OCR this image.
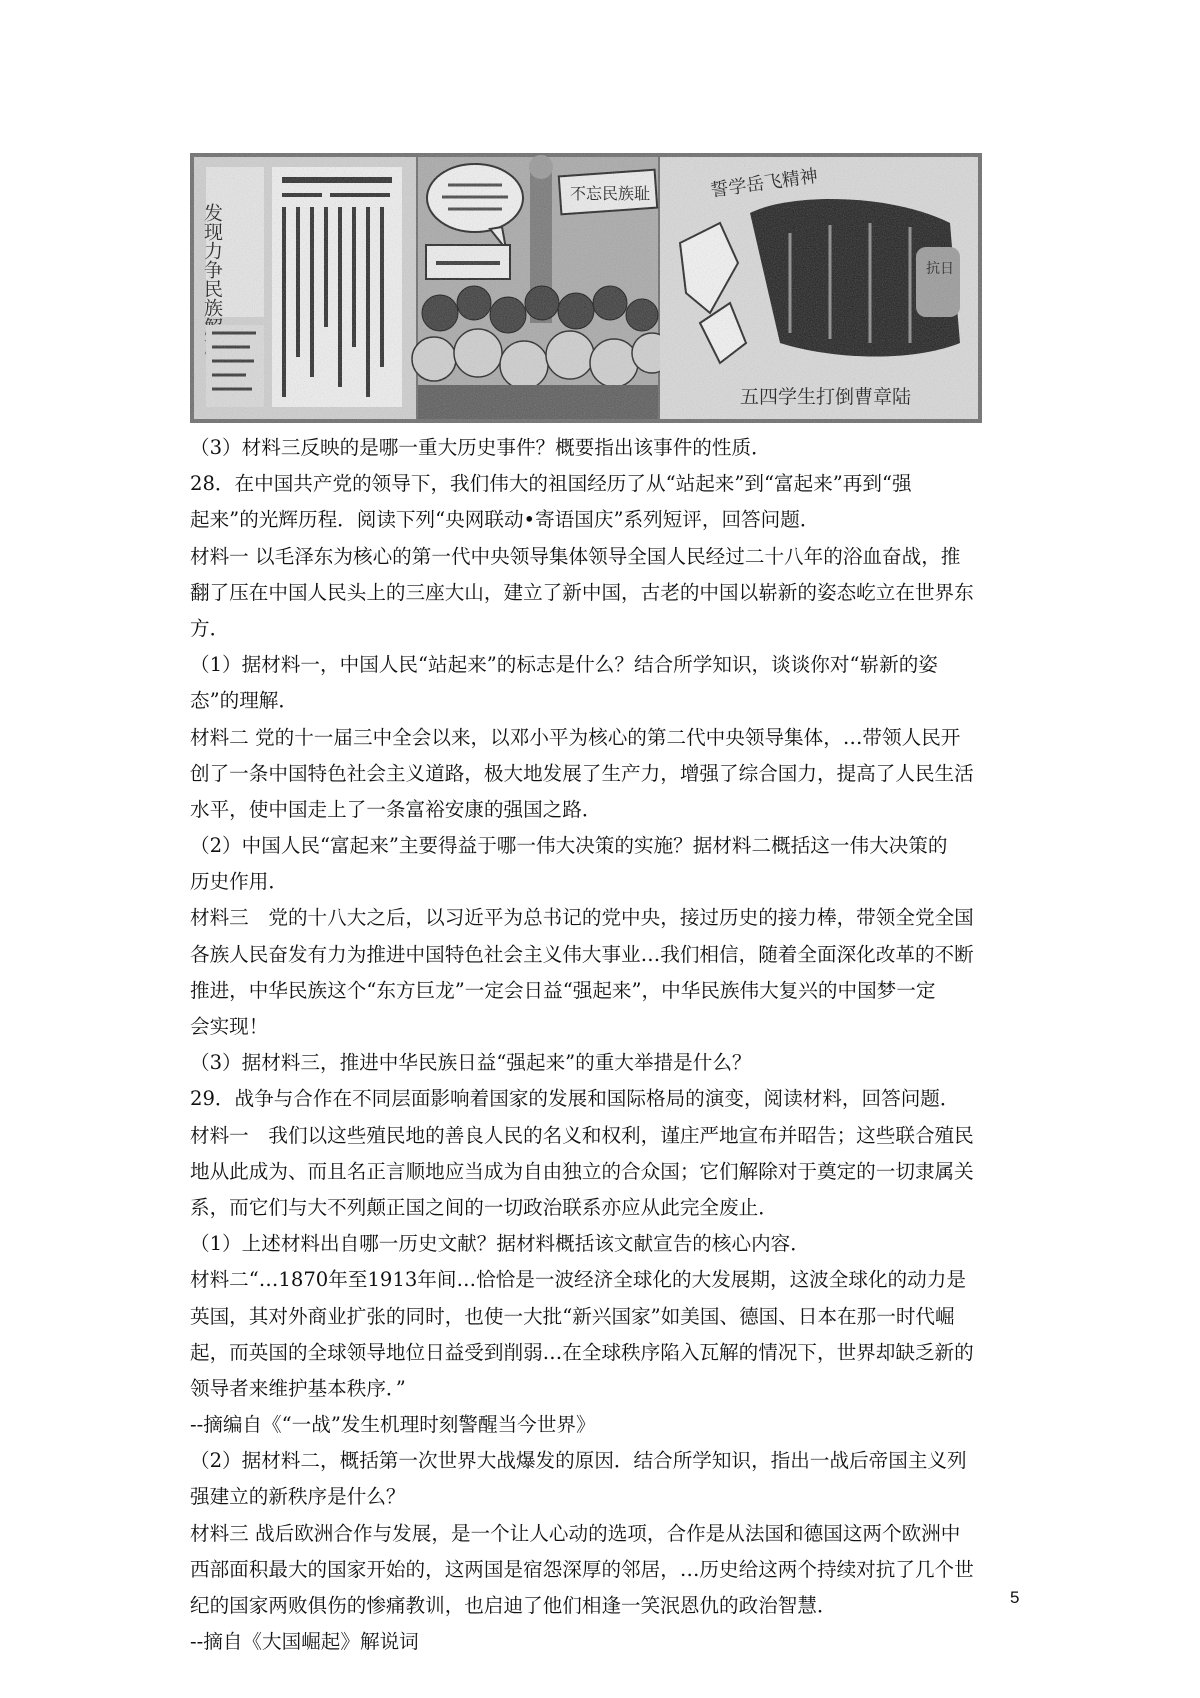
（3）材料三反映的是哪一重大历史事件？概要指出该事件的性质．
28．在中国共产党的领导下，我们伟大的祖国经历了从“站起来”到“富起来”再到“强
起来”的光辉历程．阅读下列“央网联动•寄语国庆”系列短评，回答问题．
材料一 以毛泽东为核心的第一代中央领导集体领导全国人民经过二十八年的浴血奋战，推
翻了压在中国人民头上的三座大山，建立了新中国，古老的中国以崭新的姿态屹立在世界东
方．
（1）据材料一，中国人民“站起来”的标志是什么？结合所学知识，谈谈你对“崭新的姿
态”的理解．
材料二 党的十一届三中全会以来，以邓小平为核心的第二代中央领导集体，…带领人民开
创了一条中国特色社会主义道路，极大地发展了生产力，增强了综合国力，提高了人民生活
水平，使中国走上了一条富裕安康的强国之路．
（2）中国人民“富起来”主要得益于哪一伟大决策的实施？据材料二概括这一伟大决策的
历史作用．
材料三　党的十八大之后，以习近平为总书记的党中央，接过历史的接力棒，带领全党全国
各族人民奋发有力为推进中国特色社会主义伟大事业…我们相信，随着全面深化改革的不断
推进，中华民族这个“东方巨龙”一定会日益“强起来”，中华民族伟大复兴的中国梦一定
会实现！
（3）据材料三，推进中华民族日益“强起来”的重大举措是什么？
29．战争与合作在不同层面影响着国家的发展和国际格局的演变，阅读材料，回答问题．
材料一　我们以这些殖民地的善良人民的名义和权利，谨庄严地宣布并昭告；这些联合殖民
地从此成为、而且名正言顺地应当成为自由独立的合众国；它们解除对于奠定的一切隶属关
系，而它们与大不列颠正国之间的一切政治联系亦应从此完全废止．
（1）上述材料出自哪一历史文献？据材料概括该文献宣告的核心内容．
材料二“…1870年至1913年间…恰恰是一波经济全球化的大发展期，这波全球化的动力是
英国，其对外商业扩张的同时，也使一大批“新兴国家”如美国、德国、日本在那一时代崛
起，而英国的全球领导地位日益受到削弱…在全球秩序陷入瓦解的情况下，世界却缺乏新的
领导者来维护基本秩序．”
--摘编自《“一战”发生机理时刻警醒当今世界》
（2）据材料二，概括第一次世界大战爆发的原因．结合所学知识，指出一战后帝国主义列
强建立的新秩序是什么？
材料三 战后欧洲合作与发展，是一个让人心动的选项，合作是从法国和德国这两个欧洲中
西部面积最大的国家开始的，这两国是宿怨深厚的邻居，…历史给这两个持续对抗了几个世
纪的国家两败俱伤的惨痛教训，也启迪了他们相逢一笑泯恩仇的政治智慧．
--摘自《大国崛起》解说词
5
